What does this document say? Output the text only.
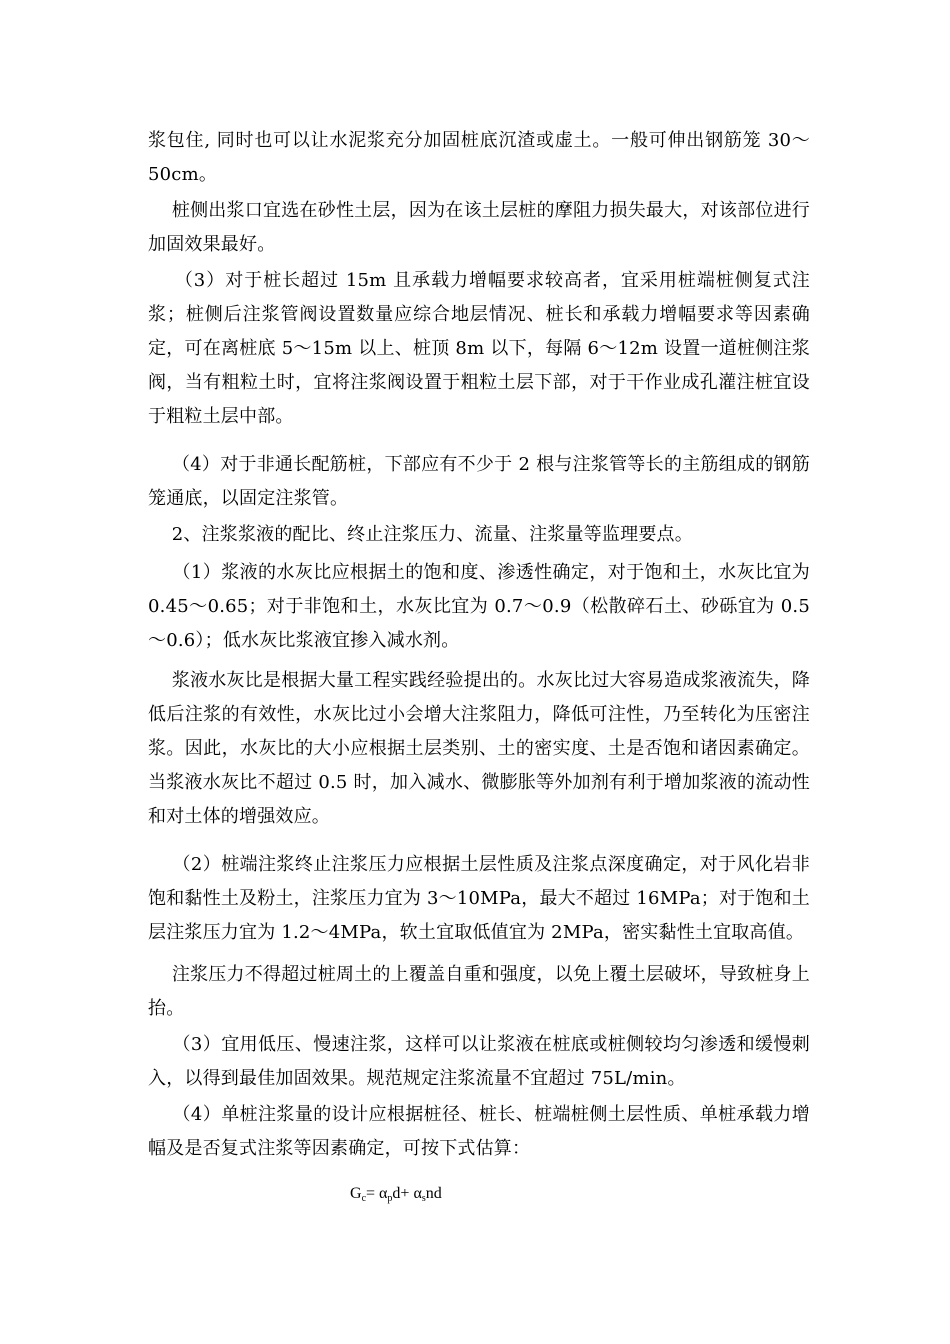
浆包住, 同时也可以让水泥浆充分加固桩底沉渣或虚土。一般可伸出钢筋笼 30～50cm。

桩侧出浆口宜选在砂性土层，因为在该土层桩的摩阻力损失最大，对该部位进行加固效果最好。

（3）对于桩长超过 15m 且承载力增幅要求较高者，宜采用桩端桩侧复式注浆；桩侧后注浆管阀设置数量应综合地层情况、桩长和承载力增幅要求等因素确定，可在离桩底 5～15m 以上、桩顶 8m 以下，每隔 6～12m 设置一道桩侧注浆阀，当有粗粒土时，宜将注浆阀设置于粗粒土层下部，对于干作业成孔灌注桩宜设于粗粒土层中部。

（4）对于非通长配筋桩，下部应有不少于 2 根与注浆管等长的主筋组成的钢筋笼通底，以固定注浆管。

2、注浆浆液的配比、终止注浆压力、流量、注浆量等监理要点。

（1）浆液的水灰比应根据土的饱和度、渗透性确定，对于饱和土，水灰比宜为 0.45～0.65；对于非饱和土，水灰比宜为 0.7～0.9（松散碎石土、砂砾宜为 0.5～0.6）；低水灰比浆液宜掺入减水剂。

浆液水灰比是根据大量工程实践经验提出的。水灰比过大容易造成浆液流失，降低后注浆的有效性，水灰比过小会增大注浆阻力，降低可注性，乃至转化为压密注浆。因此，水灰比的大小应根据土层类别、土的密实度、土是否饱和诸因素确定。当浆液水灰比不超过 0.5 时，加入减水、微膨胀等外加剂有利于增加浆液的流动性和对土体的增强效应。

（2）桩端注浆终止注浆压力应根据土层性质及注浆点深度确定，对于风化岩非饱和黏性土及粉土，注浆压力宜为 3～10MPa，最大不超过 16MPa；对于饱和土层注浆压力宜为 1.2～4MPa，软土宜取低值宜为 2MPa，密实黏性土宜取高值。

注浆压力不得超过桩周土的上覆盖自重和强度，以免上覆土层破坏，导致桩身上抬。

（3）宜用低压、慢速注浆，这样可以让浆液在桩底或桩侧较均匀渗透和缓慢刺入，以得到最佳加固效果。规范规定注浆流量不宜超过 75L/min。

（4）单桩注浆量的设计应根据桩径、桩长、桩端桩侧土层性质、单桩承载力增幅及是否复式注浆等因素确定，可按下式估算：

$G_c= \alpha_pd+ \alpha_snd$
